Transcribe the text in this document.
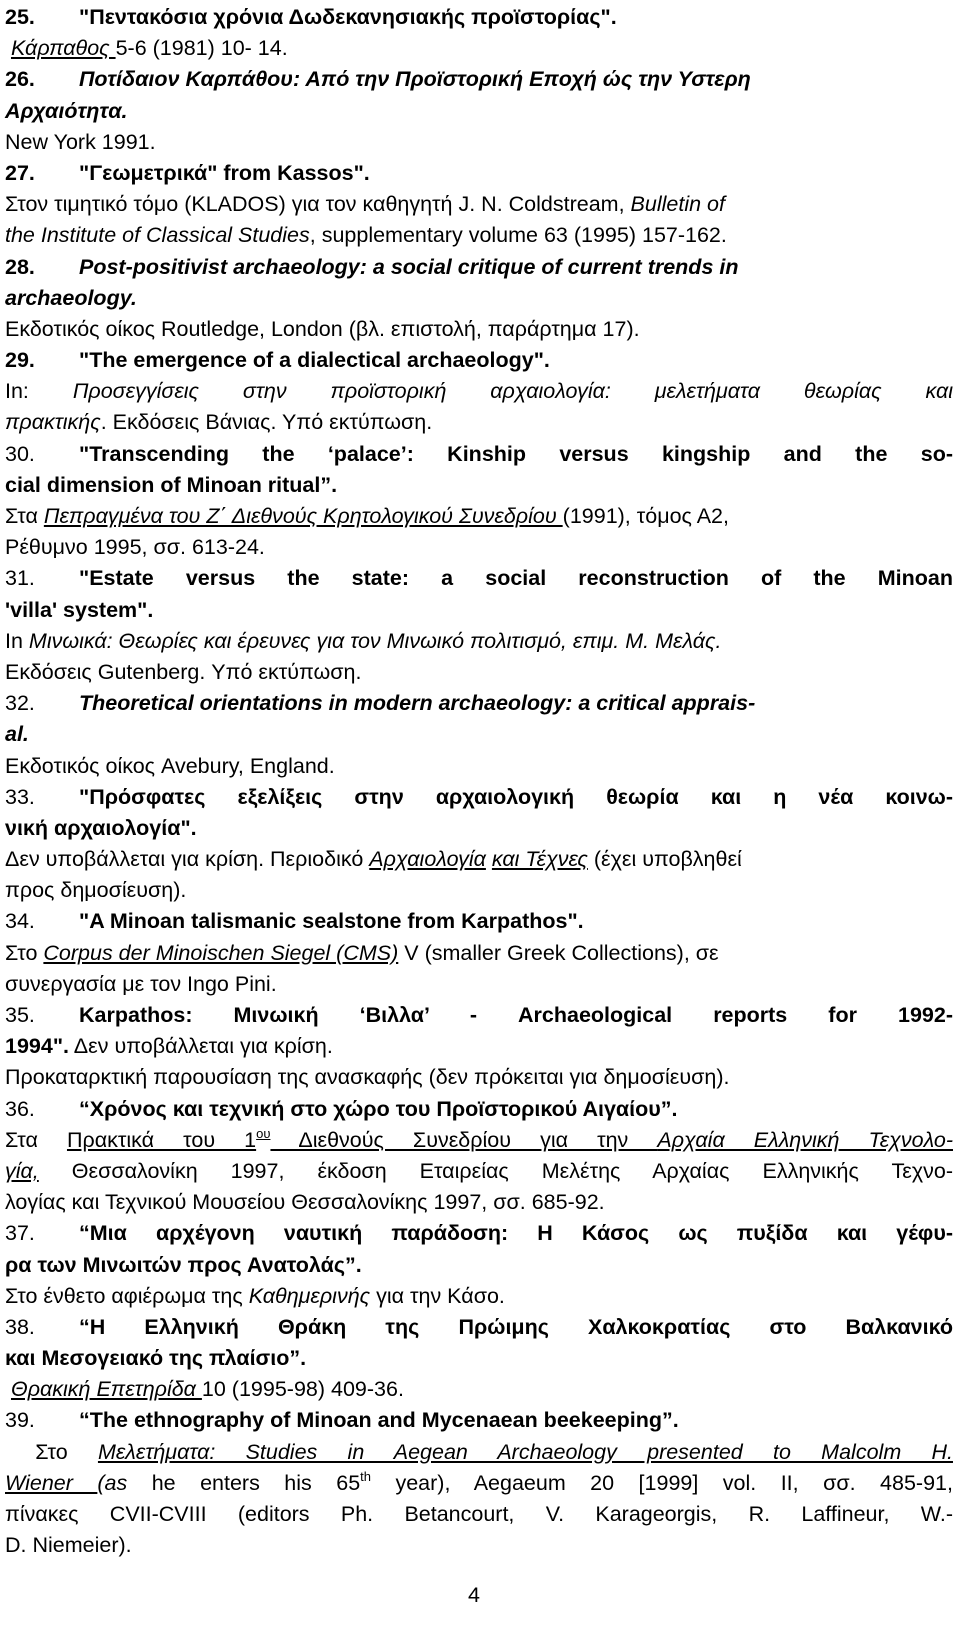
25. "Πεντακόσια χρόνια Δωδεκανησιακής προϊστορίας".
Κάρπαθος 5-6 (1981) 10- 14.
26. Ποτίδαιον Καρπάθου: Από την Προϊστορική Εποχή ώς την Υστερη
Αρχαιότητα.
New York 1991.
27. "Γεωμετρικά" from Kassos".
Στον τιμητικό τόμο (KLADOS) για τον καθηγητή J. N. Coldstream, Bulletin of
the Institute of Classical Studies, supplementary volume 63 (1995) 157-162.
28. Post-positivist archaeology: a social critique of current trends in
archaeology.
Εκδοτικός οίκος Routledge, London (βλ. επιστολή, παράρτημα 17).
29. "The emergence of a dialectical archaeology".
In: Προσεγγίσεις στην προϊστορική αρχαιολογία: μελετήματα θεωρίας και
πρακτικής. Εκδόσεις Βάνιας. Υπό εκτύπωση.
30. "Transcending the ‘palace’: Kinship versus kingship and the so-
cial dimension of Minoan ritual”.
Στα Πεπραγμένα του Ζ΄ Διεθνούς Κρητολογικού Συνεδρίου (1991), τόμος Α2,
Ρέθυμνο 1995, σσ. 613-24.
31. "Estate versus the state: a social reconstruction of the Minoan
'villa' system".
In Μινωικά: Θεωρίες και έρευνες για τον Μινωικό πολιτισμό, επιμ. Μ. Μελάς.
Εκδόσεις Gutenberg. Υπό εκτύπωση.
32. Theoretical orientations in modern archaeology: a critical apprais-
al.
Εκδοτικός οίκος Avebury, England.
33. "Πρόσφατες εξελίξεις στην αρχαιολογική θεωρία και η νέα κοινω-
νική αρχαιολογία".
Δεν υποβάλλεται για κρίση. Περιοδικό Αρχαιολογία και Τέχνες (έχει υποβληθεί
προς δημοσίευση).
34. "A Minoan talismanic sealstone from Karpathos".
Στο Corpus der Minoischen Siegel (CMS) V (smaller Greek Collections), σε
συνεργασία με τον Ingo Pini.
35. Karpathos: Μινωική ‘Βιλλα’ - Archaeological reports for 1992-
1994". Δεν υποβάλλεται για κρίση.
Προκαταρκτική παρουσίαση της ανασκαφής (δεν πρόκειται για δημοσίευση).
36. “Χρόνος και τεχνική στο χώρο του Προϊστορικού Αιγαίου”.
Στα Πρακτικά του $1^{o\upsilon}$ Διεθνούς Συνεδρίου για την Αρχαία Ελληνική Τεχνολο-
γία, Θεσσαλονίκη 1997, έκδοση Εταιρείας Μελέτης Αρχαίας Ελληνικής Τεχνο-
λογίας και Τεχνικού Μουσείου Θεσσαλονίκης 1997, σσ. 685-92.
37. “Μια αρχέγονη ναυτική παράδοση: Η Κάσος ως πυξίδα και γέφυ-
ρα των Μινωιτών προς Ανατολάς”.
Στο ένθετο αφιέρωμα της Καθημερινής για την Κάσο.
38. “Η Ελληνική Θράκη της Πρώιμης Χαλκοκρατίας στο Βαλκανικό
και Μεσογειακό της πλαίσιο”.
Θρακική Επετηρίδα 10 (1995-98) 409-36.
39. “The ethnography of Minoan and Mycenaean beekeeping”.
Στο Μελετήματα: Studies in Aegean Archaeology presented to Malcolm H.
Wiener (as he enters his 65th year), Aegaeum 20 [1999] vol. II, σσ. 485-91,
πίνακες CVII-CVIII (editors Ph. Betancourt, V. Karageorgis, R. Laffineur, W.-
D. Niemeier).
4
